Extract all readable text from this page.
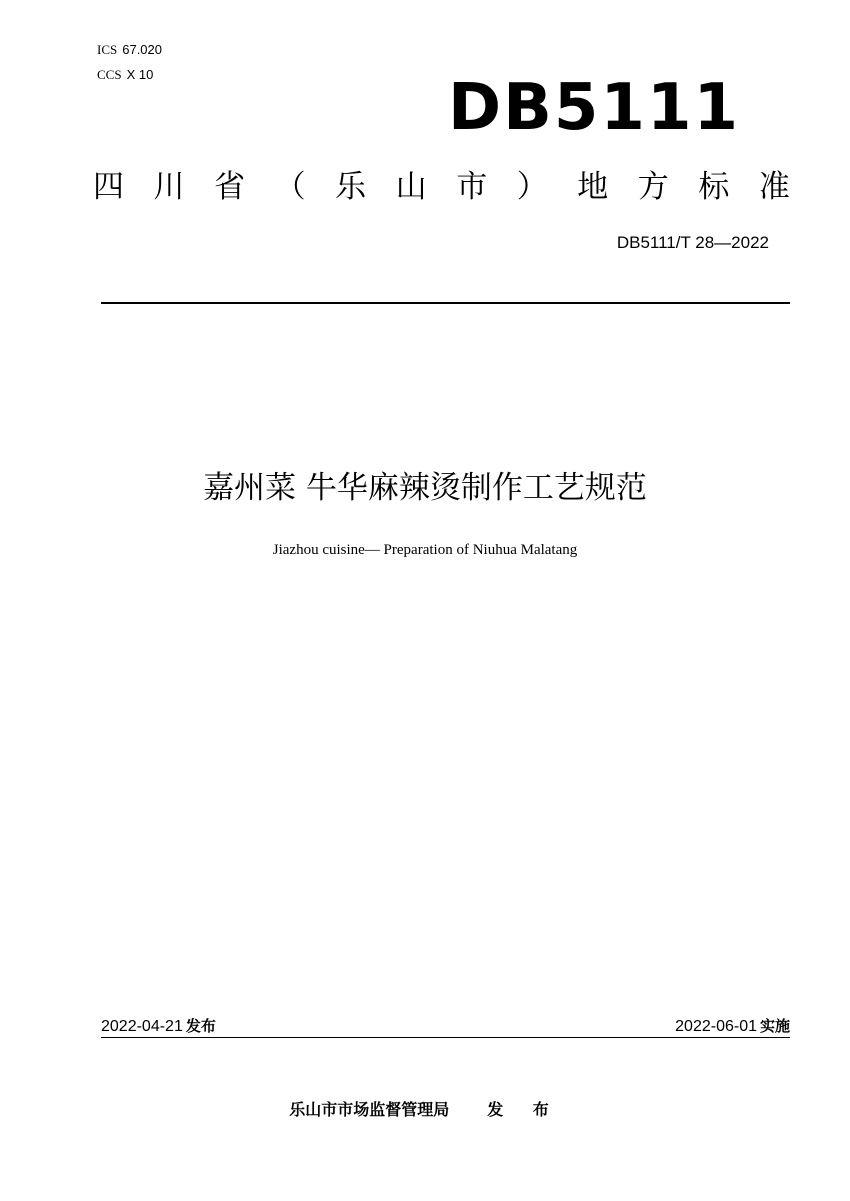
ICS 67.020
CCS X 10	DB5111
四 川 省 （ 乐 山 市 ） 地 方 标 准
DB5111/T 28—2022
嘉州菜 牛华麻辣烫制作工艺规范
Jiazhou cuisine— Preparation of Niuhua Malatang
2022-04-21 发布	2022-06-01 实施
乐山市市场监督管理局 发 布
